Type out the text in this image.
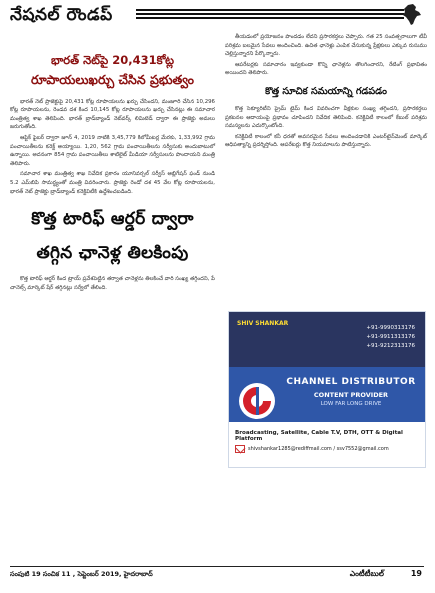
నేషనల్ రౌండప్
భారత్ నెట్‌పై 20,431కోట్ల
రూపాయలుఖర్చు చేసిన ప్రభుత్వం

భారత్ నెట్ ప్రాజెక్టుపై 20,431 కోట్ల రూపాయలను ఖర్చు చేసిందని, మంజూరి చేసిన 10,296 కోట్ల రూపాయలను, రెండవ దశ కింద 10,145 కోట్ల రూపాయలను ఖర్చు చేసినట్లు ఈ సమాచార మంత్రిత్వ శాఖ తెలిపింది. భారత్ బ్రాడ్‌బ్యాండ్ నెట్‌వర్క్ లిమిటెడ్ ద్వారా ఈ ప్రాజెక్టు అమలు జరుగుతోంది.

ఆప్టిక్ ఫైబర్ ద్వారా జూన్ 4, 2019 నాటికి 3,45,779 కిలోమీటర్ల మేరకు, 1,33,992 గ్రామ పంచాయితీలను కనెక్ట్ అయ్యాయి. 1,20, 562 గ్రామ పంచాయితీలను సర్వీసుకు అందుబాటులో ఉన్నాయి. అదనంగా 854 గ్రామ పంచాయితీలు శాటిలైట్ మీడియా సర్వీసులను పొందాయని మంత్రి తెలిపారు.

సమాచార శాఖ మంత్రిత్వ శాఖ నివేదిక ప్రకారం యూనివర్సల్ సర్వీస్ ఆబ్లిగేషన్ ఫండ్ నుండి 5.2 ఎమ్‌బిపి సామర్థ్యంతో మంత్రి వివరించారు. ప్రాజెక్టు రెండో దశ 45 వేల కోట్ల రూపాయలను, భారత్ నెట్ ప్రాజెక్టు బ్రాడ్‌బ్యాండ్ కనెక్టివిటీకి ఉద్దేశించబడింది.

కొత్త టారిఫ్ ఆర్డర్ ద్వారా
తగ్గిన ఛానెళ్ల తిలకింపు

కొత్త టారిఫ్ ఆర్డర్ కింద ట్రాయ్ ప్రవేశపెట్టిన తర్వాత చానెళ్లను తిలకించే వారి సంఖ్య తగ్గిందని, పే చానెల్స్ మార్కెట్ షేర్ తగ్గినట్లు సర్వేలో తేలింది.

తీయడంలో ప్రయోజనం పొందడం లేదని ప్రసారకర్తలు చెప్పారు. గత 25 సంవత్సరాలుగా టీవీ పరిశ్రమ బలమైన సేవలు అందించింది. ఉచిత ఛానెళ్లు ఎంపిక చేసుకున్న ప్రేక్షకులు ఎక్కువ రుసుము చెల్లిస్తున్నారని పేర్కొన్నారు.

ఆపరేటర్లకు సమాచారం ఇవ్వకుండా కొన్ని ఛానెళ్లను తొలగించారని, రేటింగ్ ప్రభావితం అయిందని తెలిపారు.

కొత్త సూచిక సమయాన్ని గడపడం

కొత్త సెక్యూరిటీని ప్రైమ్ టైమ్ కింద వివరించగా వీక్షకుల సంఖ్య తగ్గిందని, ప్రసారకర్తలు ప్రకటనల ఆదాయంపై ప్రభావం చూపిందని నివేదిక తెలిపింది. కనెక్టివిటీ కాలంలో కేబుల్ పరిశ్రమ సమస్యలను ఎదుర్కొంటోంది.

కనెక్టివిటీ కాలంలో కనీ ధరతో అవసరమైన సేవలు అందించడానికి ఎంటర్‌టైన్‌మెంట్ మార్కెట్ ఆధిపత్యాన్ని ప్రదర్శిస్తోంది. ఆపరేటర్లు కొత్త నియమాలను పాటిస్తున్నారు.

SHIV SHANKAR
+91-9990313176
+91-9911313176
+91-9212313176
CHANNEL DISTRIBUTOR
CONTENT PROVIDER
LOW FAR LONG DRIVE
Broadcasting, Satellite, Cable T.V, DTH, OTT & Digital Platform
shivshankar1285@rediffmail.com / ssv7552@gmail.com
సంపుటి 19 సంచిక 11 , సెప్టెంబర్ 2019, హైదరాబాద్	ఎంటీటీబుల్	19
